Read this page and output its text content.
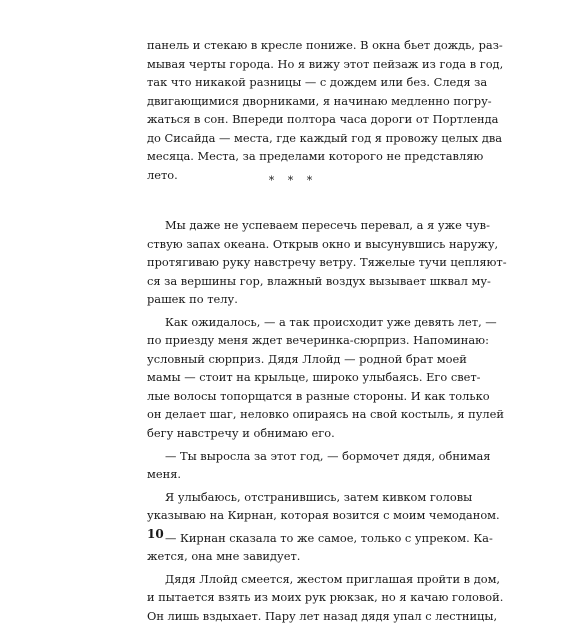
панель и стекаю в кресле пониже. В окна бьет дождь, раз-
мывая черты города. Но я вижу этот пейзаж из года в год,
так что никакой разницы — с дождем или без. Следя за
двигающимися дворниками, я начинаю медленно погру-
жаться в сон. Впереди полтора часа дороги от Портленда
до Сисайда — места, где каждый год я провожу целых два
месяца. Места, за пределами которого не представляю
лето.	* * *
Мы даже не успеваем пересечь перевал, а я уже чув-
ствую запах океана. Открыв окно и высунувшись наружу,
протягиваю руку навстречу ветру. Тяжелые тучи цепляют-
ся за вершины гор, влажный воздух вызывает шквал му-
рашек по телу.
Как ожидалось, — а так происходит уже девять лет, —
по приезду меня ждет вечеринка-сюрприз. Напоминаю:
условный сюрприз. Дядя Ллойд — родной брат моей
мамы — стоит на крыльце, широко улыбаясь. Его свет-
лые волосы топорщатся в разные стороны. И как только
он делает шаг, неловко опираясь на свой костыль, я пулей
бегу навстречу и обнимаю его.
— Ты выросла за этот год, — бормочет дядя, обнимая
меня.
Я улыбаюсь, отстранившись, затем кивком головы
указываю на Кирнан, которая возится с моим чемоданом.
— Кирнан сказала то же самое, только с упреком. Ка-
жется, она мне завидует.
Дядя Ллойд смеется, жестом приглашая пройти в дом,
и пытается взять из моих рук рюкзак, но я качаю головой.
Он лишь вздыхает. Пару лет назад дядя упал с лестницы,
10
